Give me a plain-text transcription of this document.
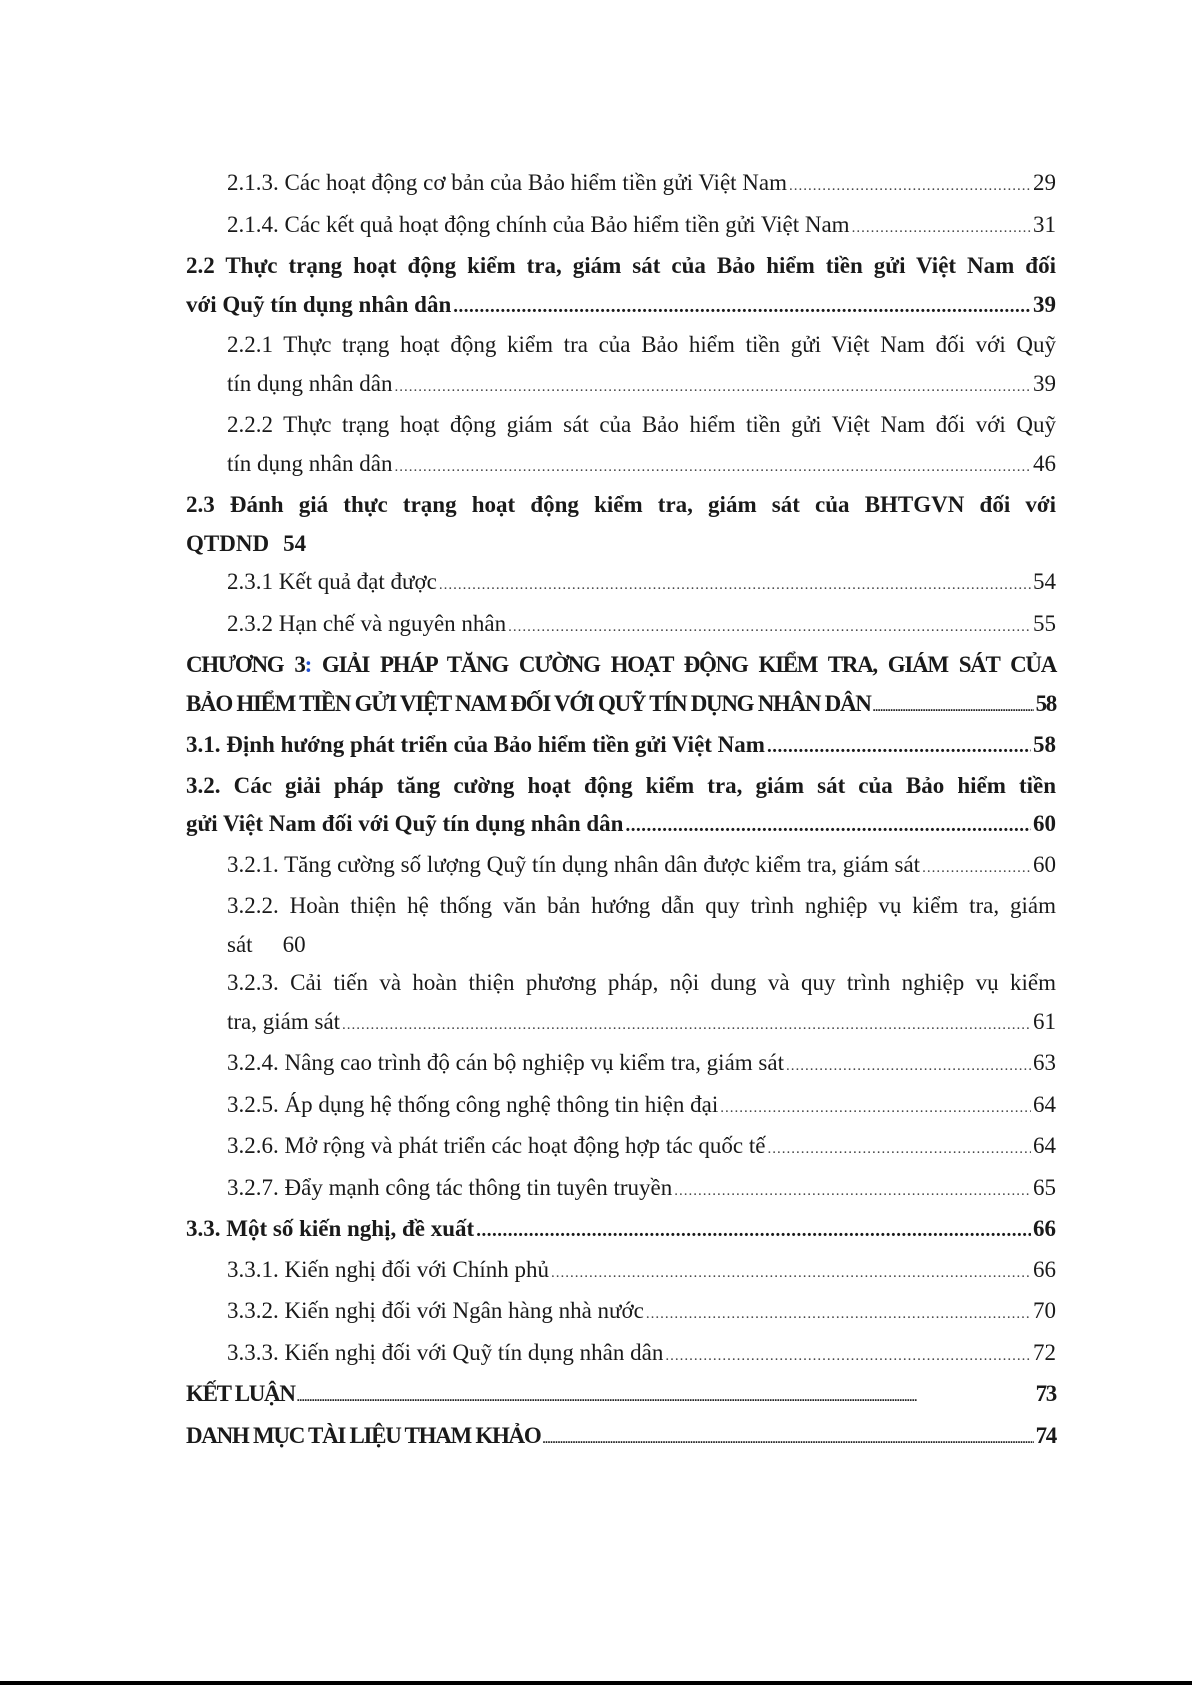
2.1.3. Các hoạt động cơ bản của Bảo hiểm tiền gửi Việt Nam .....	29
2.1.4. Các kết quả hoạt động chính của Bảo hiểm tiền gửi Việt Nam .....	31
2.2 Thực trạng hoạt động kiểm tra, giám sát của Bảo hiểm tiền gửi Việt Nam đối
với Quỹ tín dụng nhân dân .....	39
2.2.1 Thực trạng hoạt động kiểm tra của Bảo hiểm tiền gửi Việt Nam đối với Quỹ
tín dụng nhân dân .....	39
2.2.2 Thực trạng hoạt động giám sát của Bảo hiểm tiền gửi Việt Nam đối với Quỹ
tín dụng nhân dân .....	46
2.3 Đánh giá thực trạng hoạt động kiểm tra, giám sát của BHTGVN đối với
QTDND 54
2.3.1 Kết quả đạt được .....	54
2.3.2 Hạn chế và nguyên nhân .....	55
CHƯƠNG 3: GIẢI PHÁP TĂNG CƯỜNG HOẠT ĐỘNG KIỂM TRA, GIÁM SÁT CỦA
BẢO HIỂM TIỀN GỬI VIỆT NAM ĐỐI VỚI QUỸ TÍN DỤNG NHÂN DÂN .....	58
3.1. Định hướng phát triển của Bảo hiểm tiền gửi Việt Nam .....	58
3.2. Các giải pháp tăng cường hoạt động kiểm tra, giám sát của Bảo hiểm tiền
gửi Việt Nam đối với Quỹ tín dụng nhân dân .....	60
3.2.1. Tăng cường số lượng Quỹ tín dụng nhân dân được kiểm tra, giám sát .....	60
3.2.2. Hoàn thiện hệ thống văn bản hướng dẫn quy trình nghiệp vụ kiểm tra, giám
sát 60
3.2.3. Cải tiến và hoàn thiện phương pháp, nội dung và quy trình nghiệp vụ kiểm
tra, giám sát .....	61
3.2.4. Nâng cao trình độ cán bộ nghiệp vụ kiểm tra, giám sát .....	63
3.2.5. Áp dụng hệ thống công nghệ thông tin hiện đại .....	64
3.2.6. Mở rộng và phát triển các hoạt động hợp tác quốc tế .....	64
3.2.7. Đẩy mạnh công tác thông tin tuyên truyền .....	65
3.3. Một số kiến nghị, đề xuất .....	66
3.3.1. Kiến nghị đối với Chính phủ .....	66
3.3.2. Kiến nghị đối với Ngân hàng nhà nước .....	70
3.3.3. Kiến nghị đối với Quỹ tín dụng nhân dân .....	72
KẾT LUẬN .....	73
DANH MỤC TÀI LIỆU THAM KHẢO .....	74
